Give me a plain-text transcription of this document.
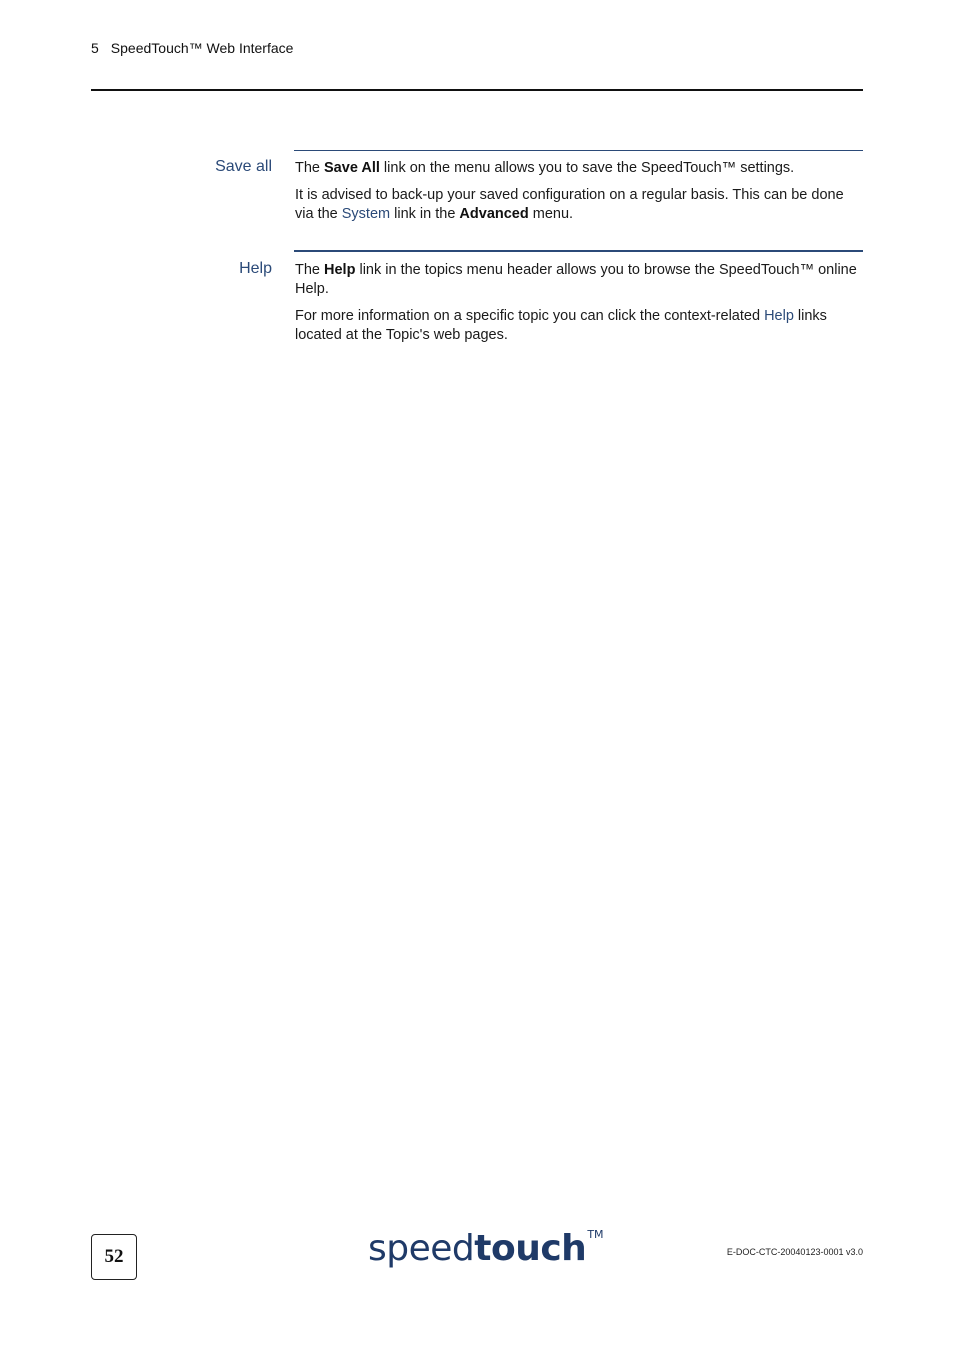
5 SpeedTouch™ Web Interface
Save all The Save All link on the menu allows you to save the SpeedTouch™ settings.

It is advised to back-up your saved configuration on a regular basis. This can be done via the System link in the Advanced menu.

Help The Help link in the topics menu header allows you to browse the SpeedTouch™ online Help.

For more information on a specific topic you can click the context-related Help links located at the Topic's web pages.

52	speedtouch™
E-DOC-CTC-20040123-0001 v3.0
